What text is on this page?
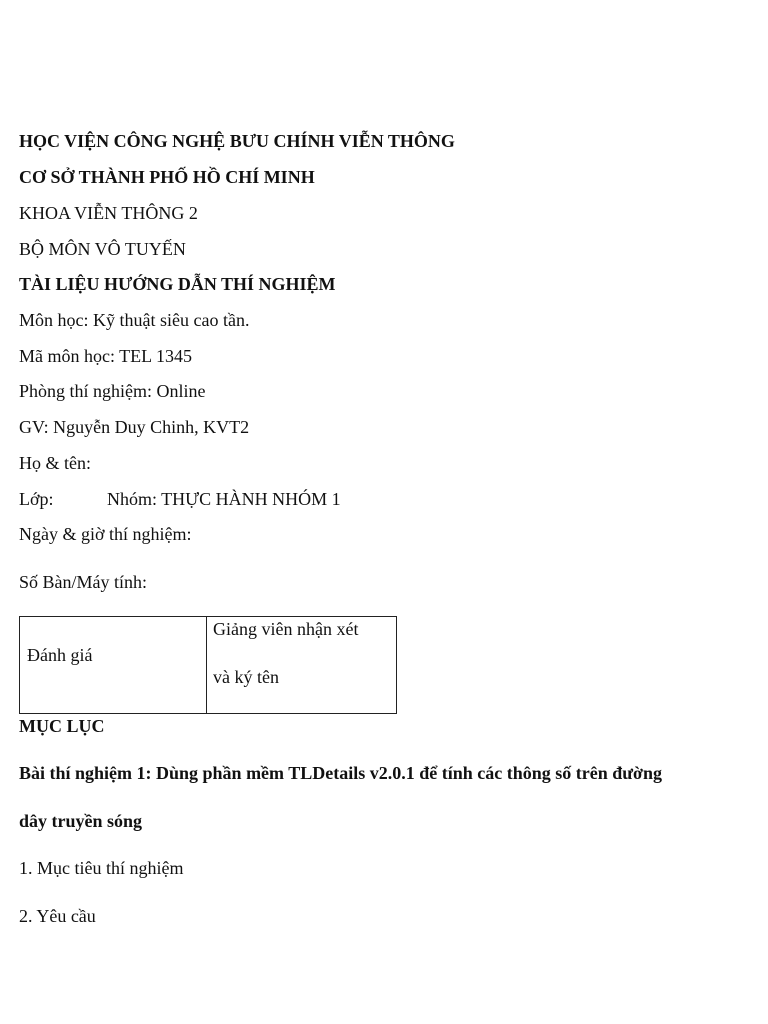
HỌC VIỆN CÔNG NGHỆ BƯU CHÍNH VIỄN THÔNG
CƠ SỞ THÀNH PHỐ HỒ CHÍ MINH
KHOA VIỄN THÔNG 2
BỘ MÔN VÔ TUYẾN
TÀI LIỆU HƯỚNG DẪN THÍ NGHIỆM
Môn học: Kỹ thuật siêu cao tần.
Mã môn học: TEL 1345
Phòng thí nghiệm: Online
GV: Nguyễn Duy Chinh, KVT2
Họ & tên:
Lớp:	Nhóm: THỰC HÀNH NHÓM 1
Ngày & giờ thí nghiệm:
Số Bàn/Máy tính:
Đánh giá
Giảng viên nhận xét
và ký tên
MỤC LỤC
Bài thí nghiệm 1: Dùng phần mềm TLDetails v2.0.1 để tính các thông số trên đường
dây truyền sóng
1. Mục tiêu thí nghiệm
2. Yêu cầu
